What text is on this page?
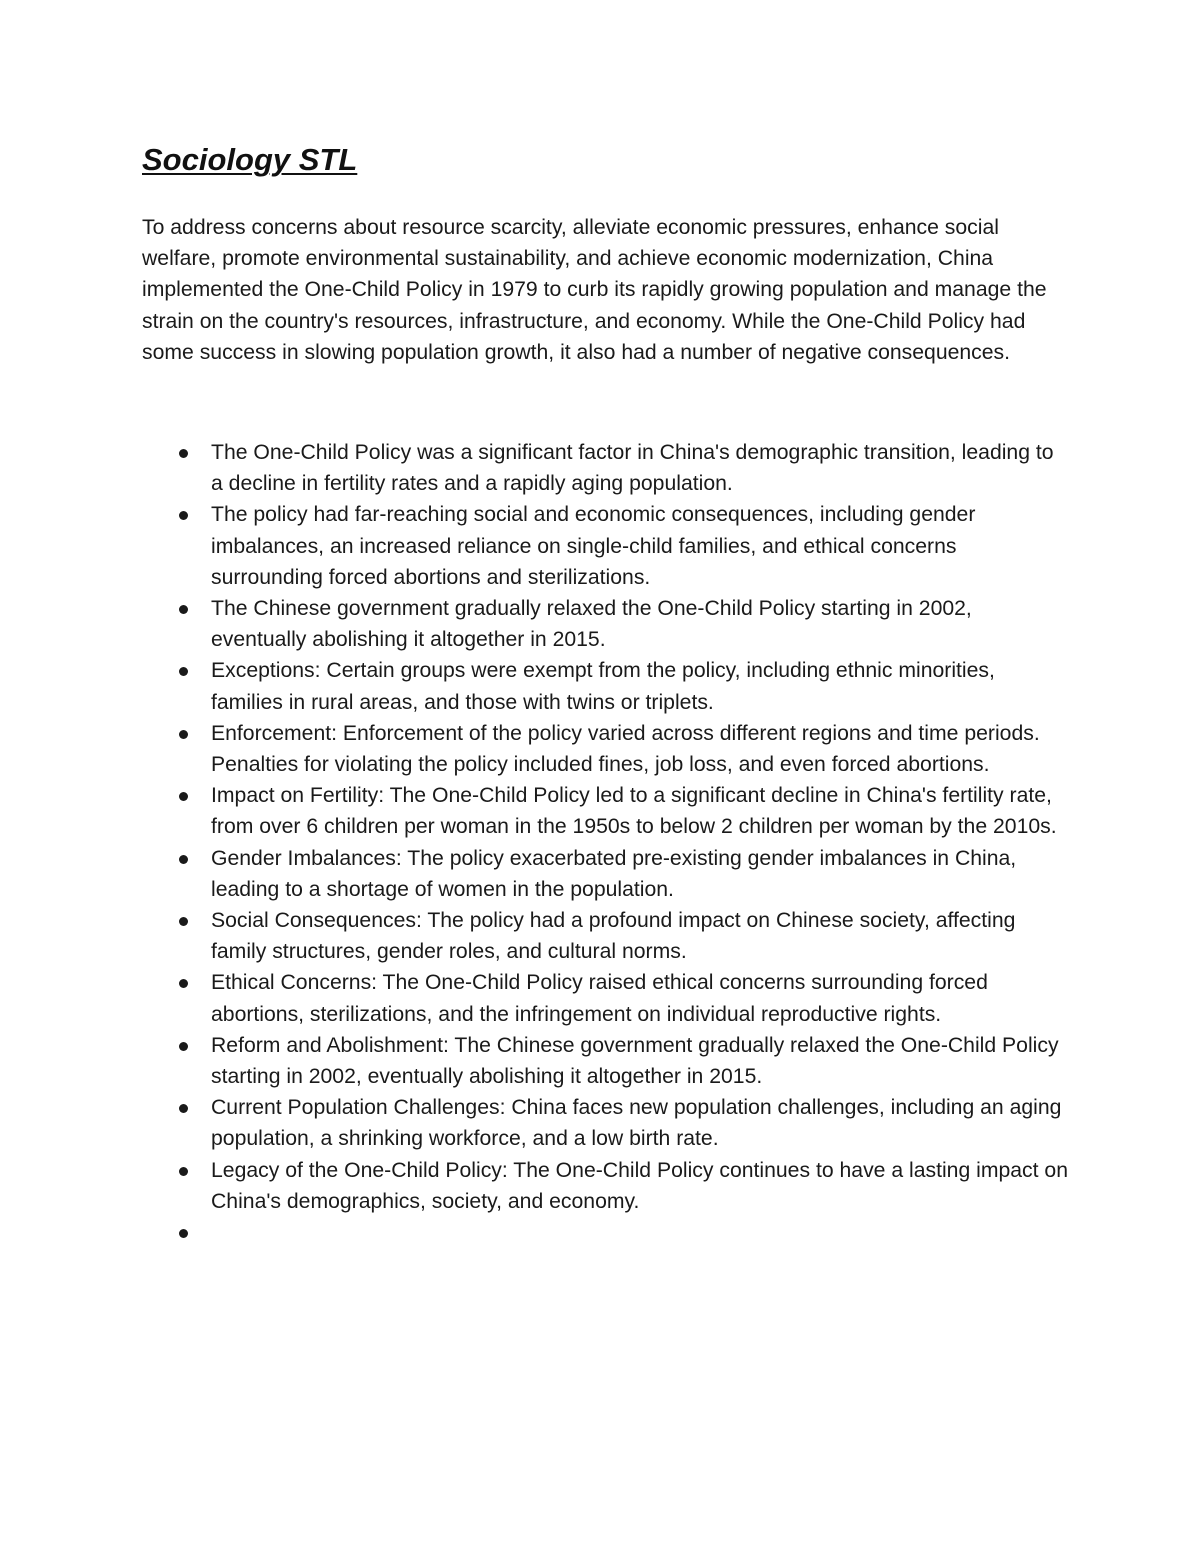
Sociology STL

To address concerns about resource scarcity, alleviate economic pressures, enhance social welfare, promote environmental sustainability, and achieve economic modernization, China implemented the One-Child Policy in 1979 to curb its rapidly growing population and manage the strain on the country's resources, infrastructure, and economy. While the One-Child Policy had some success in slowing population growth, it also had a number of negative consequences.

The One-Child Policy was a significant factor in China's demographic transition, leading to a decline in fertility rates and a rapidly aging population.
The policy had far-reaching social and economic consequences, including gender imbalances, an increased reliance on single-child families, and ethical concerns surrounding forced abortions and sterilizations.
The Chinese government gradually relaxed the One-Child Policy starting in 2002, eventually abolishing it altogether in 2015.
Exceptions: Certain groups were exempt from the policy, including ethnic minorities, families in rural areas, and those with twins or triplets.
Enforcement: Enforcement of the policy varied across different regions and time periods. Penalties for violating the policy included fines, job loss, and even forced abortions.
Impact on Fertility: The One-Child Policy led to a significant decline in China's fertility rate, from over 6 children per woman in the 1950s to below 2 children per woman by the 2010s.
Gender Imbalances: The policy exacerbated pre-existing gender imbalances in China, leading to a shortage of women in the population.
Social Consequences: The policy had a profound impact on Chinese society, affecting family structures, gender roles, and cultural norms.
Ethical Concerns: The One-Child Policy raised ethical concerns surrounding forced abortions, sterilizations, and the infringement on individual reproductive rights.
Reform and Abolishment: The Chinese government gradually relaxed the One-Child Policy starting in 2002, eventually abolishing it altogether in 2015.
Current Population Challenges: China faces new population challenges, including an aging population, a shrinking workforce, and a low birth rate.
Legacy of the One-Child Policy: The One-Child Policy continues to have a lasting impact on China's demographics, society, and economy.
